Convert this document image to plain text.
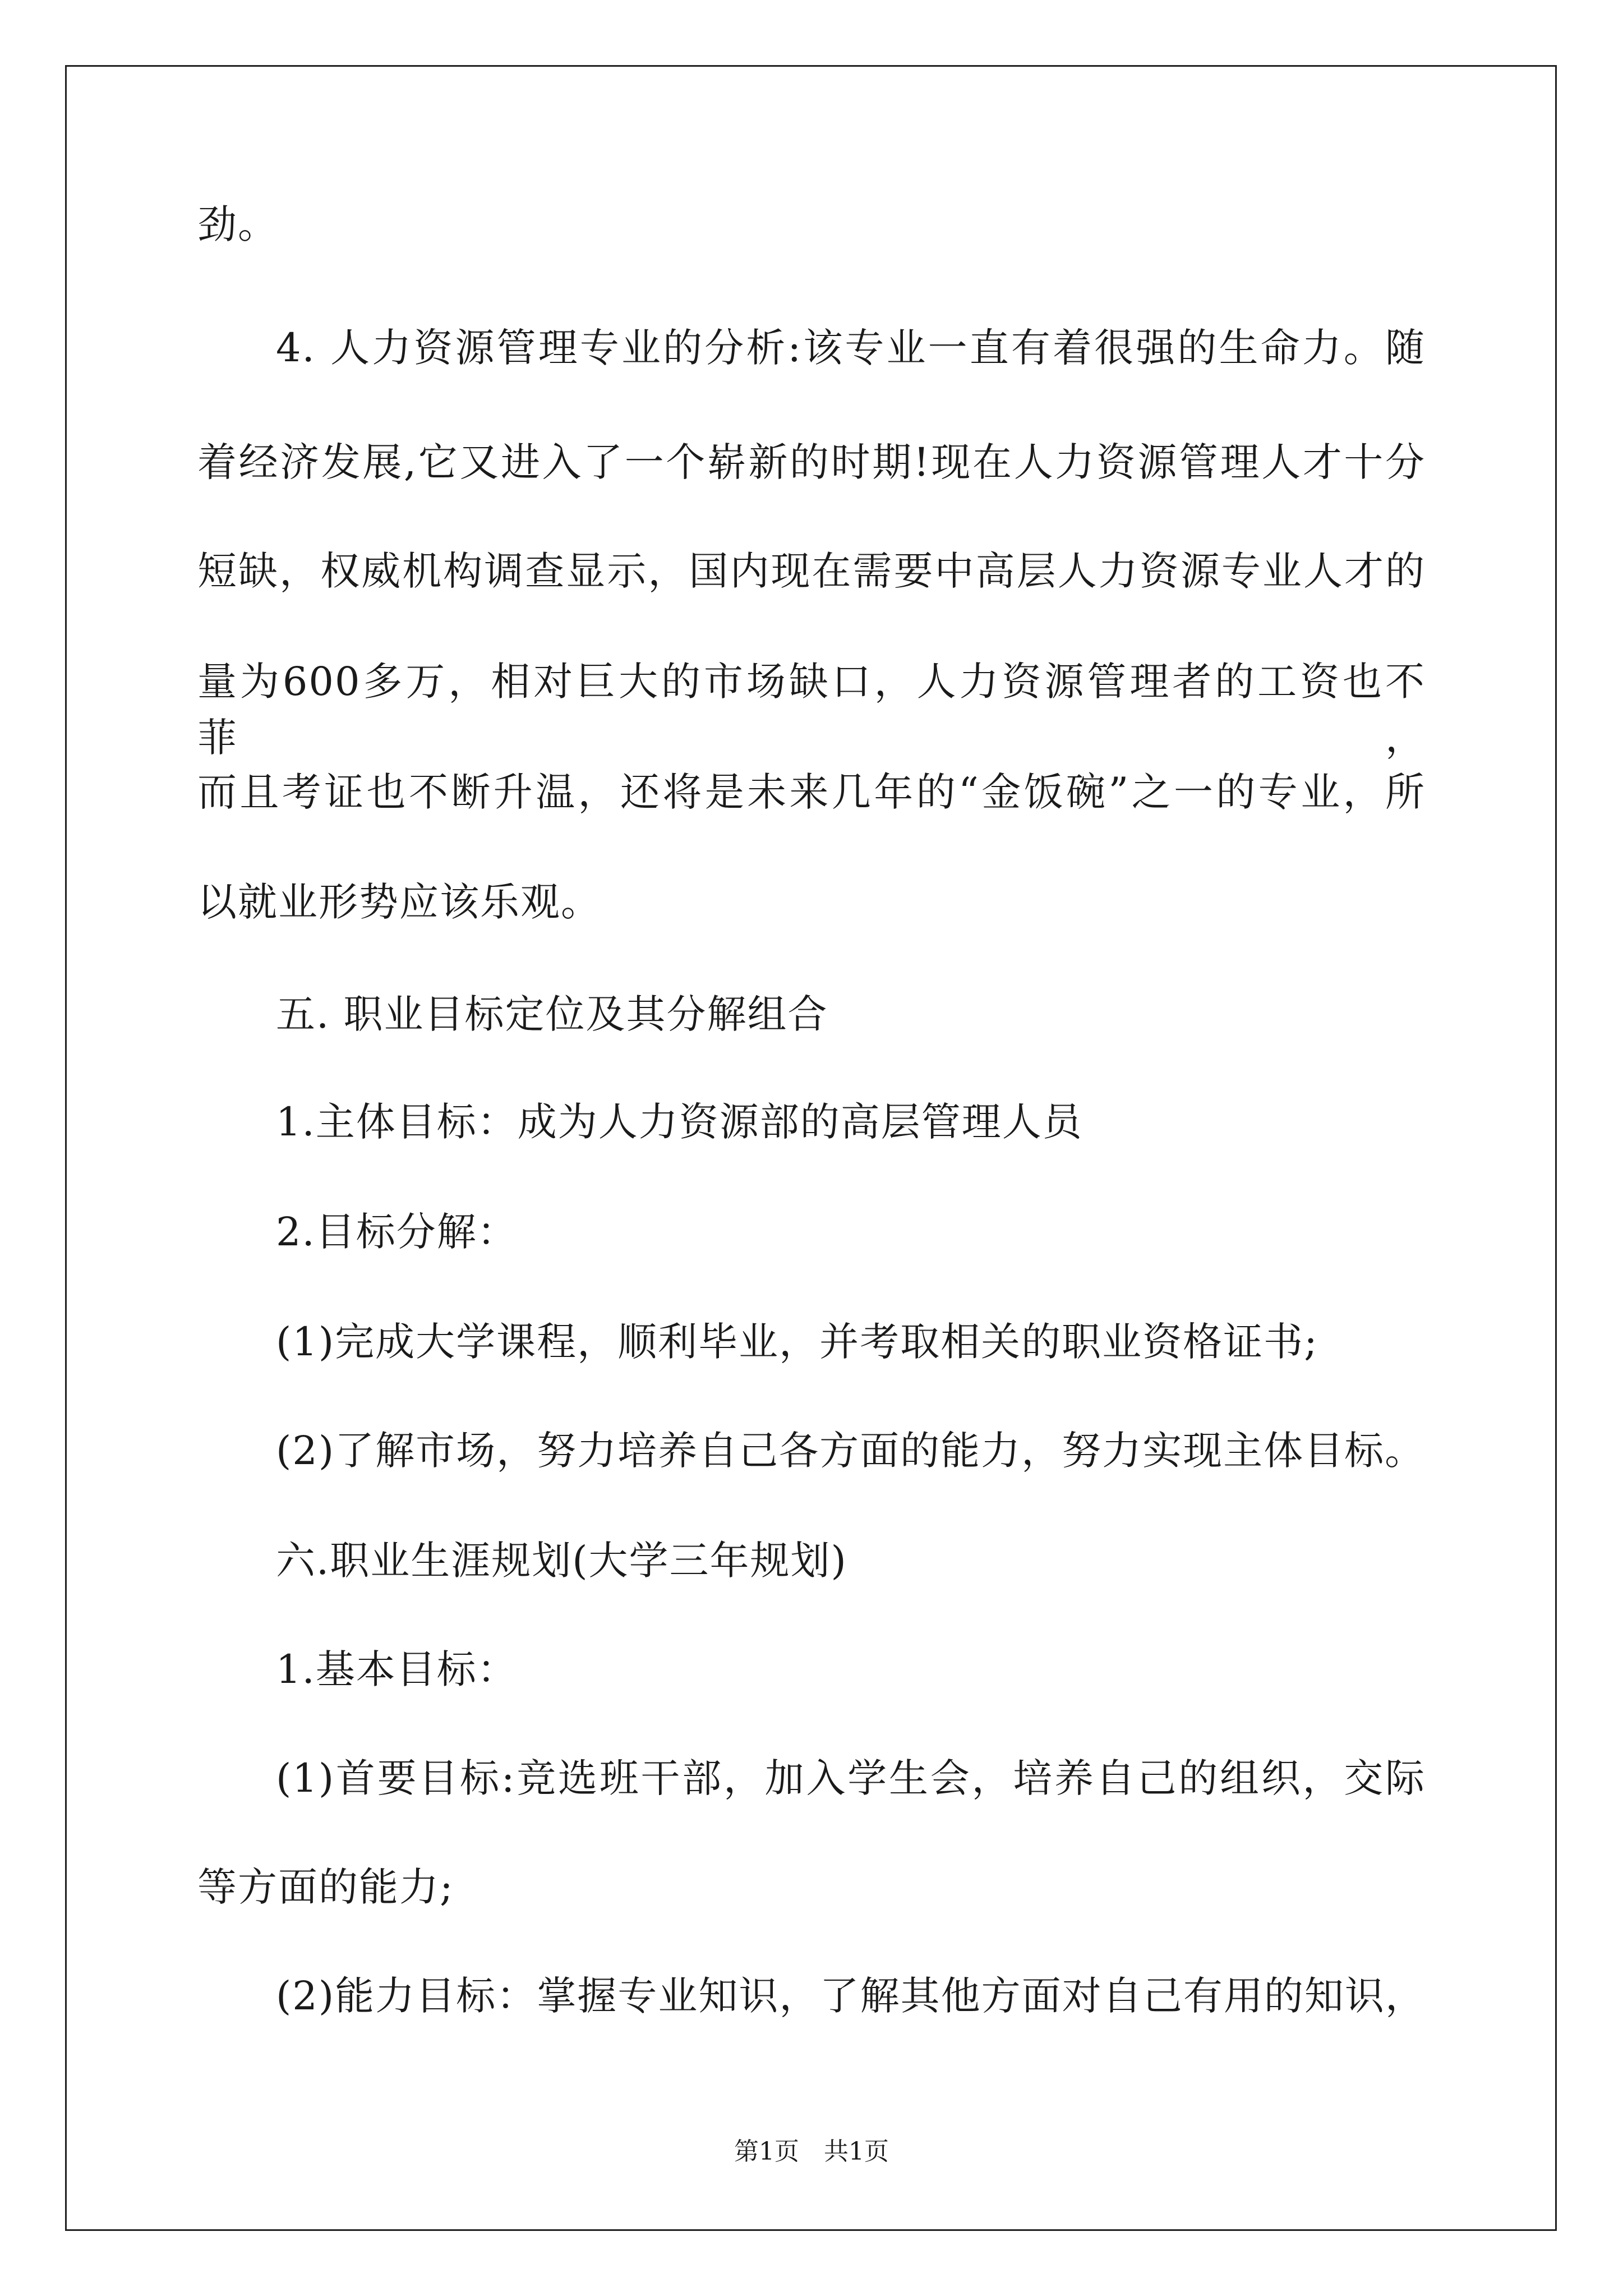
劲。

4. 人力资源管理专业的分析:该专业一直有着很强的生命力。随

着经济发展,它又进入了一个崭新的时期!现在人力资源管理人才十分

短缺，权威机构调查显示，国内现在需要中高层人力资源专业人才的

量为600多万，相对巨大的市场缺口，人力资源管理者的工资也不菲，

而且考证也不断升温，还将是未来几年的“金饭碗”之一的专业，所

以就业形势应该乐观。

五. 职业目标定位及其分解组合

1.主体目标：成为人力资源部的高层管理人员

2.目标分解：

(1)完成大学课程，顺利毕业，并考取相关的职业资格证书;

(2)了解市场，努力培养自己各方面的能力，努力实现主体目标。

六.职业生涯规划(大学三年规划)

1.基本目标：

(1)首要目标:竞选班干部，加入学生会，培养自己的组织，交际

等方面的能力;

(2)能力目标：掌握专业知识，了解其他方面对自己有用的知识，

第1页　共1页
